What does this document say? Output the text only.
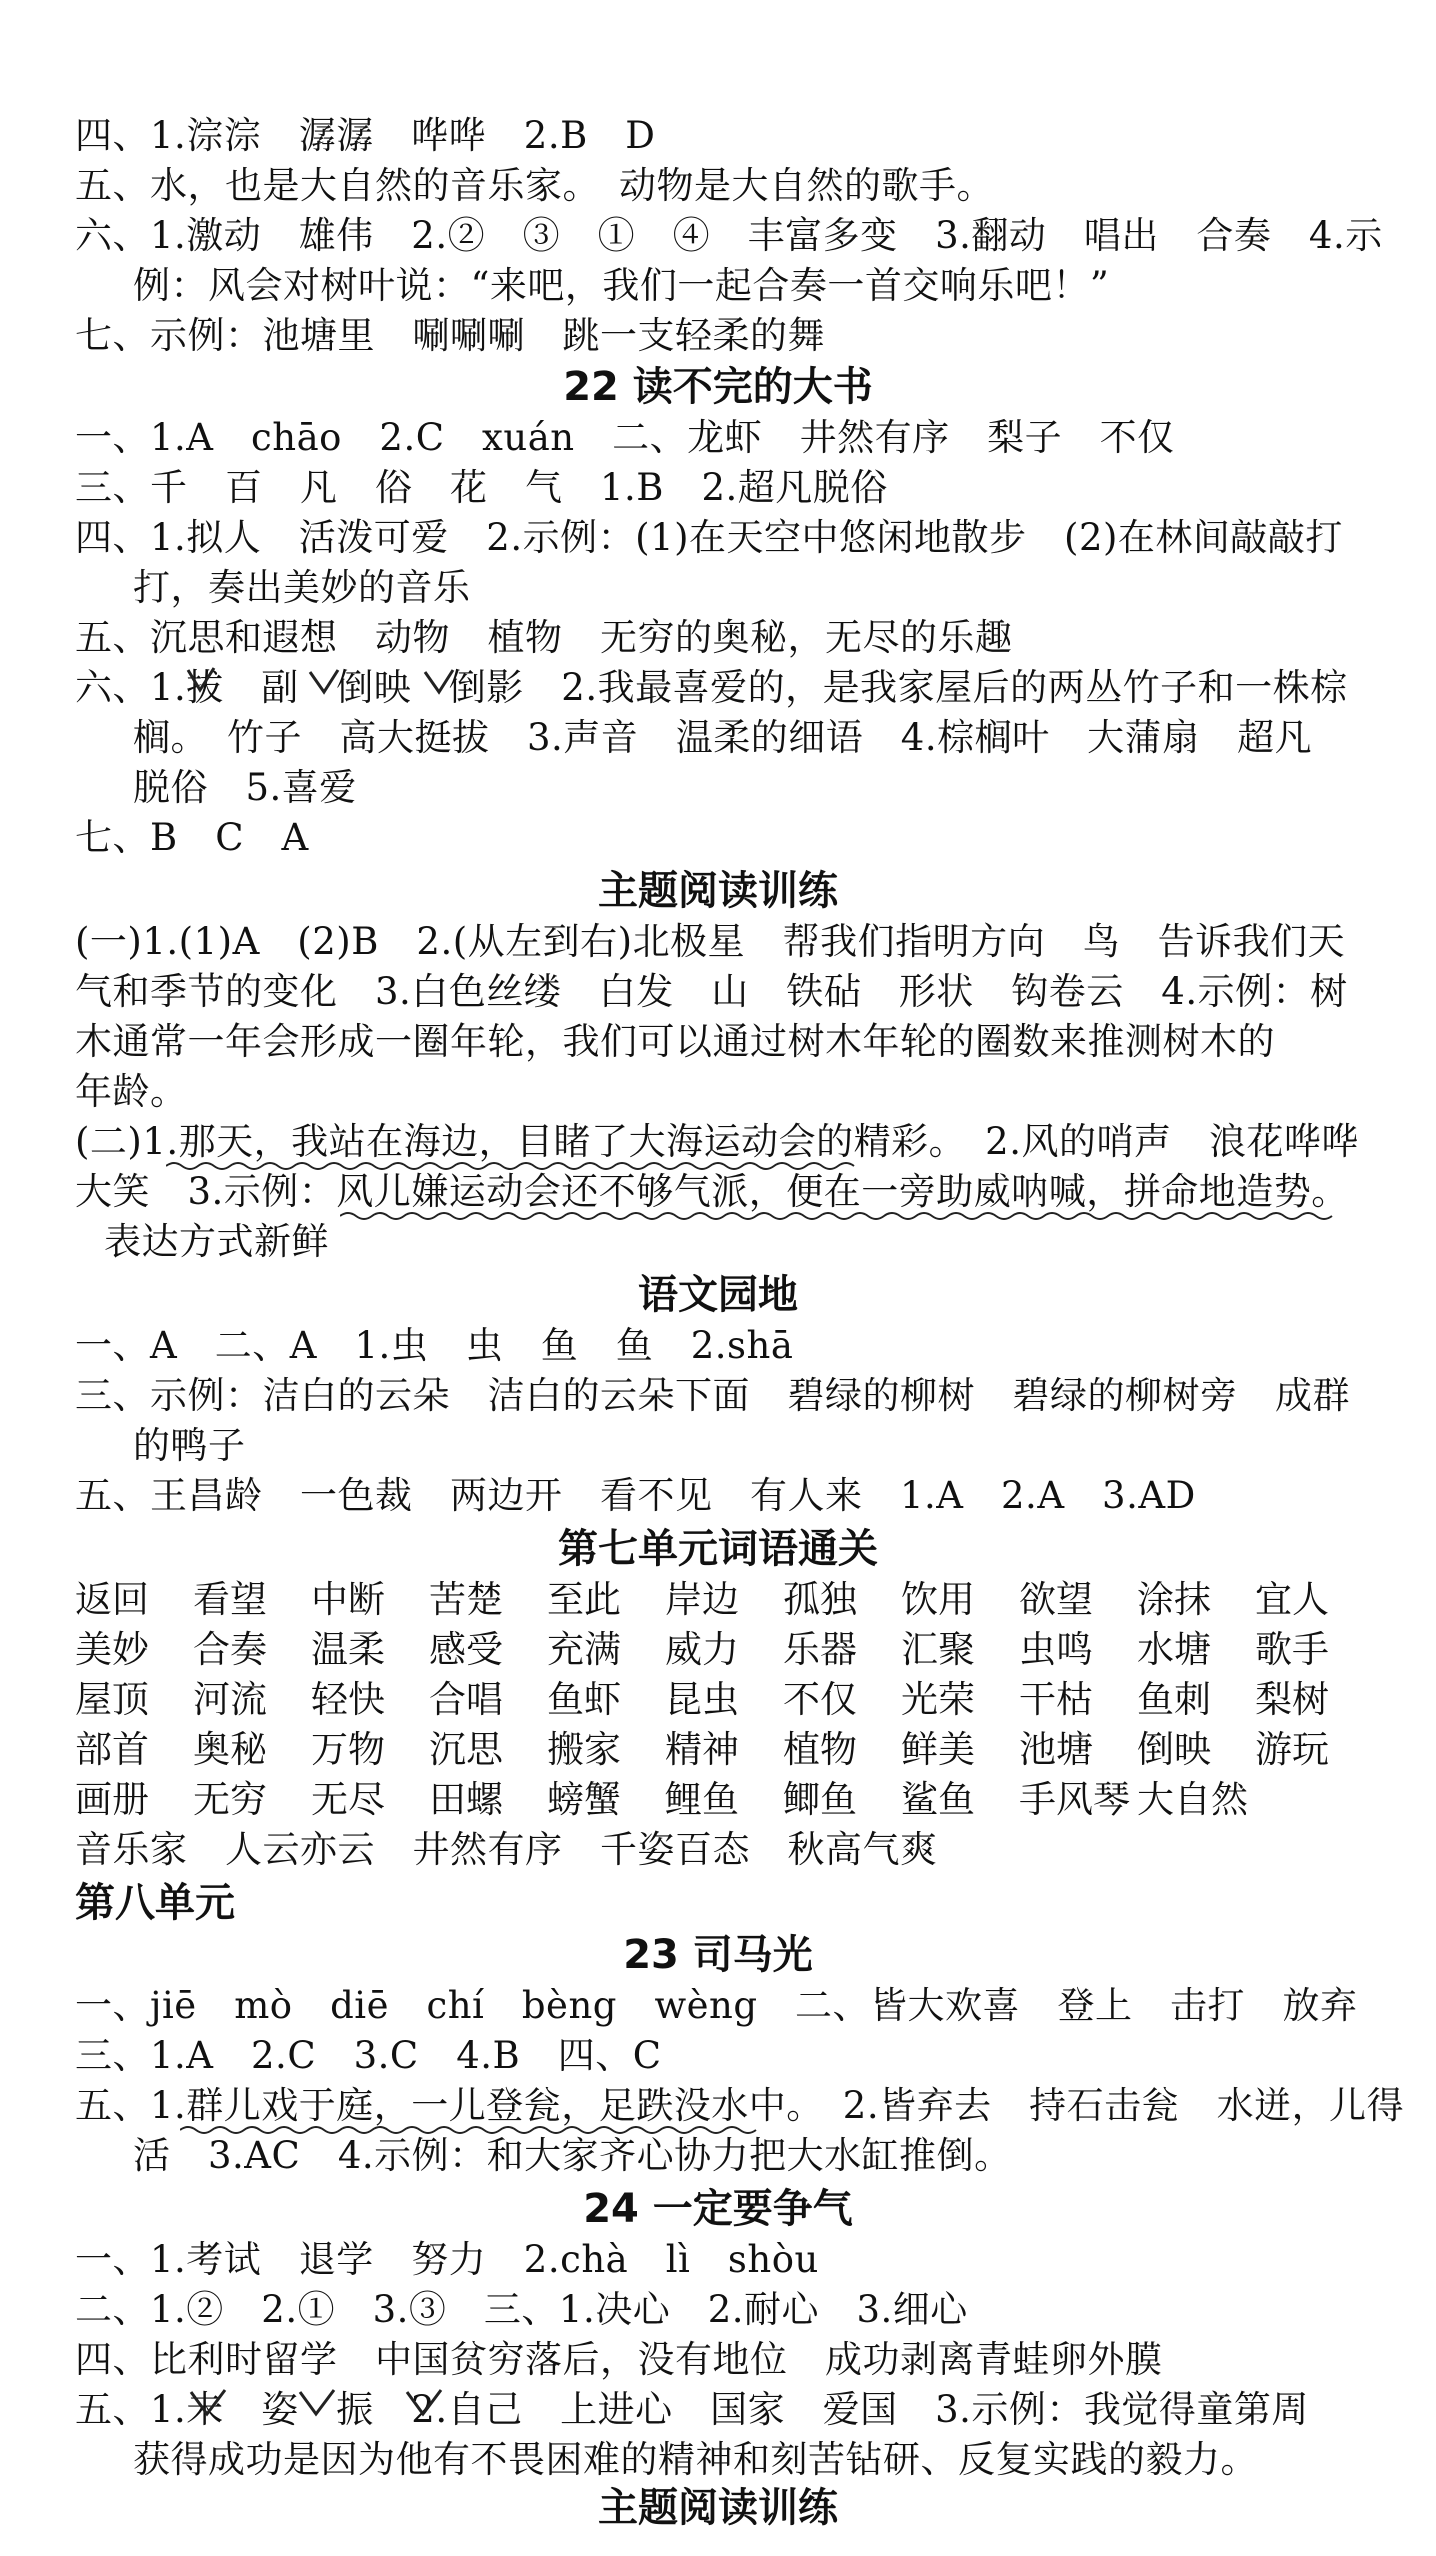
四、1.淙淙　潺潺　哗哗　2.B　D
五、水，也是大自然的音乐家。　动物是大自然的歌手。
六、1.激动　雄伟　2.②　③　①　④　丰富多变　3.翻动　唱出　合奏　4.示
例：风会对树叶说：“来吧，我们一起合奏一首交响乐吧！”
七、示例：池塘里　唰唰唰　跳一支轻柔的舞
22 读不完的大书
一、1.A　chāo　2.C　xuán　二、龙虾　井然有序　梨子　不仅
三、千　百　凡　俗　花　气　1.B　2.超凡脱俗
四、1.拟人　活泼可爱　2.示例：(1)在天空中悠闲地散步　(2)在林间敲敲打
打，奏出美妙的音乐
五、沉思和遐想　动物　植物　无穷的奥秘，无尽的乐趣
六、1.拔　副　倒映　倒影　2.我最喜爱的，是我家屋后的两丛竹子和一株棕
榈。　竹子　高大挺拔　3.声音　温柔的细语　4.棕榈叶　大蒲扇　超凡
脱俗　5.喜爱
七、B　C　A
主题阅读训练
(一)1.(1)A　(2)B　2.(从左到右)北极星　帮我们指明方向　鸟　告诉我们天
气和季节的变化　3.白色丝缕　白发　山　铁砧　形状　钩卷云　4.示例：树
木通常一年会形成一圈年轮，我们可以通过树木年轮的圈数来推测树木的
年龄。
(二)1.那天，我站在海边，目睹了大海运动会的精彩。　2.风的哨声　浪花哗哗
大笑　3.示例：风儿嫌运动会还不够气派，便在一旁助威呐喊，拼命地造势。
表达方式新鲜
语文园地
一、A　二、A　1.虫　虫　鱼　鱼　2.shā
三、示例：洁白的云朵　洁白的云朵下面　碧绿的柳树　碧绿的柳树旁　成群
的鸭子
五、王昌龄　一色裁　两边开　看不见　有人来　1.A　2.A　3.AD
第七单元词语通关
返回 看望 中断 苦楚 至此 岸边 孤独 饮用 欲望 涂抹 宜人
美妙 合奏 温柔 感受 充满 威力 乐器 汇聚 虫鸣 水塘 歌手
屋顶 河流 轻快 合唱 鱼虾 昆虫 不仅 光荣 干枯 鱼刺 梨树
部首 奥秘 万物 沉思 搬家 精神 植物 鲜美 池塘 倒映 游玩
画册 无穷 无尽 田螺 螃蟹 鲤鱼 鲫鱼 鲨鱼 手风琴 大自然
音乐家　人云亦云　井然有序　千姿百态　秋高气爽
第八单元
23 司马光
一、jiē　mò　diē　chí　bèng　wèng　二、皆大欢喜　登上　击打　放弃
三、1.A　2.C　3.C　4.B　四、C
五、1.群儿戏于庭，一儿登瓮，足跌没水中。　2.皆弃去　持石击瓮　水迸，儿得
活　3.AC　4.示例：和大家齐心协力把大水缸推倒。
24 一定要争气
一、1.考试　退学　努力　2.chà　lì　shòu
二、1.②　2.①　3.③　三、1.决心　2.耐心　3.细心
四、比利时留学　中国贫穷落后，没有地位　成功剥离青蛙卵外膜
五、1.未　姿　振　2.自己　上进心　国家　爱国　3.示例：我觉得童第周
获得成功是因为他有不畏困难的精神和刻苦钻研、反复实践的毅力。
主题阅读训练
